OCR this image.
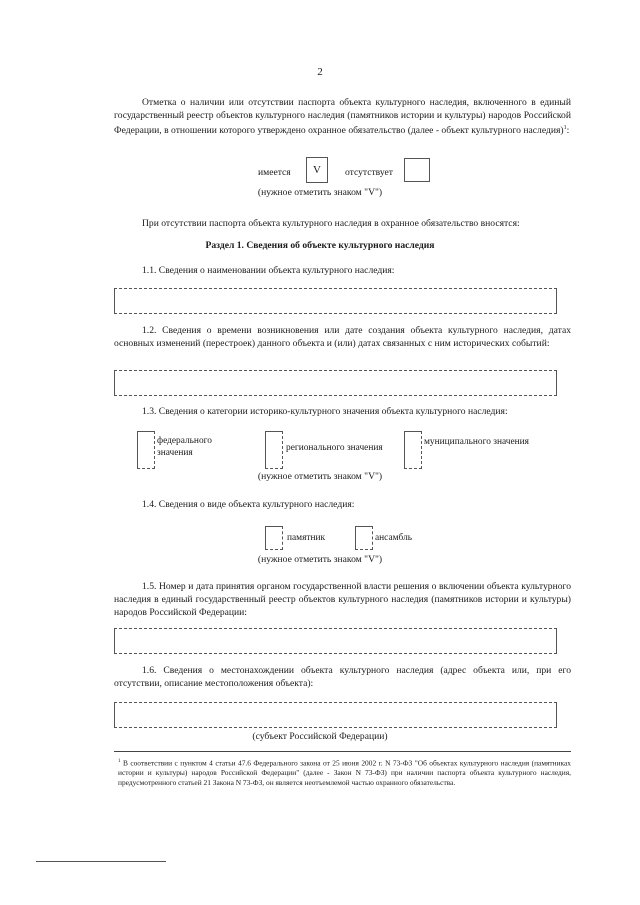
2
Отметка о наличии или отсутствии паспорта объекта культурного наследия, включенного в единый государственный реестр объектов культурного наследия (памятников истории и культуры) народов Российской Федерации, в отношении которого утверждено охранное обязательство (далее - объект культурного наследия)$^1$:
имеется	V	отсутствует
(нужное отметить знаком "V")
При отсутствии паспорта объекта культурного наследия в охранное обязательство вносятся:
Раздел 1. Сведения об объекте культурного наследия
1.1. Сведения о наименовании объекта культурного наследия:
1.2. Сведения о времени возникновения или дате создания объекта культурного наследия, датах основных изменений (перестроек) данного объекта и (или) датах связанных с ним исторических событий:
1.3. Сведения о категории историко-культурного значения объекта культурного наследия:
федерального значения	регионального значения
муниципального значения
(нужное отметить знаком "V")
1.4. Сведения о виде объекта культурного наследия:
памятник	ансамбль
(нужное отметить знаком "V")
1.5. Номер и дата принятия органом государственной власти решения о включении объекта культурного наследия в единый государственный реестр объектов культурного наследия (памятников истории и культуры) народов Российской Федерации:
1.6. Сведения о местонахождении объекта культурного наследия (адрес объекта или, при его отсутствии, описание местоположения объекта):
(субъект Российской Федерации)
$^1$ В соответствии с пунктом 4 статьи 47.6 Федерального закона от 25 июня 2002 г. N 73-ФЗ "Об объектах культурного наследия (памятниках истории и культуры) народов Российской Федерации" (далее - Закон N 73-ФЗ) при наличии паспорта объекта культурного наследия, предусмотренного статьей 21 Закона N 73-ФЗ, он является неотъемлемой частью охранного обязательства.
